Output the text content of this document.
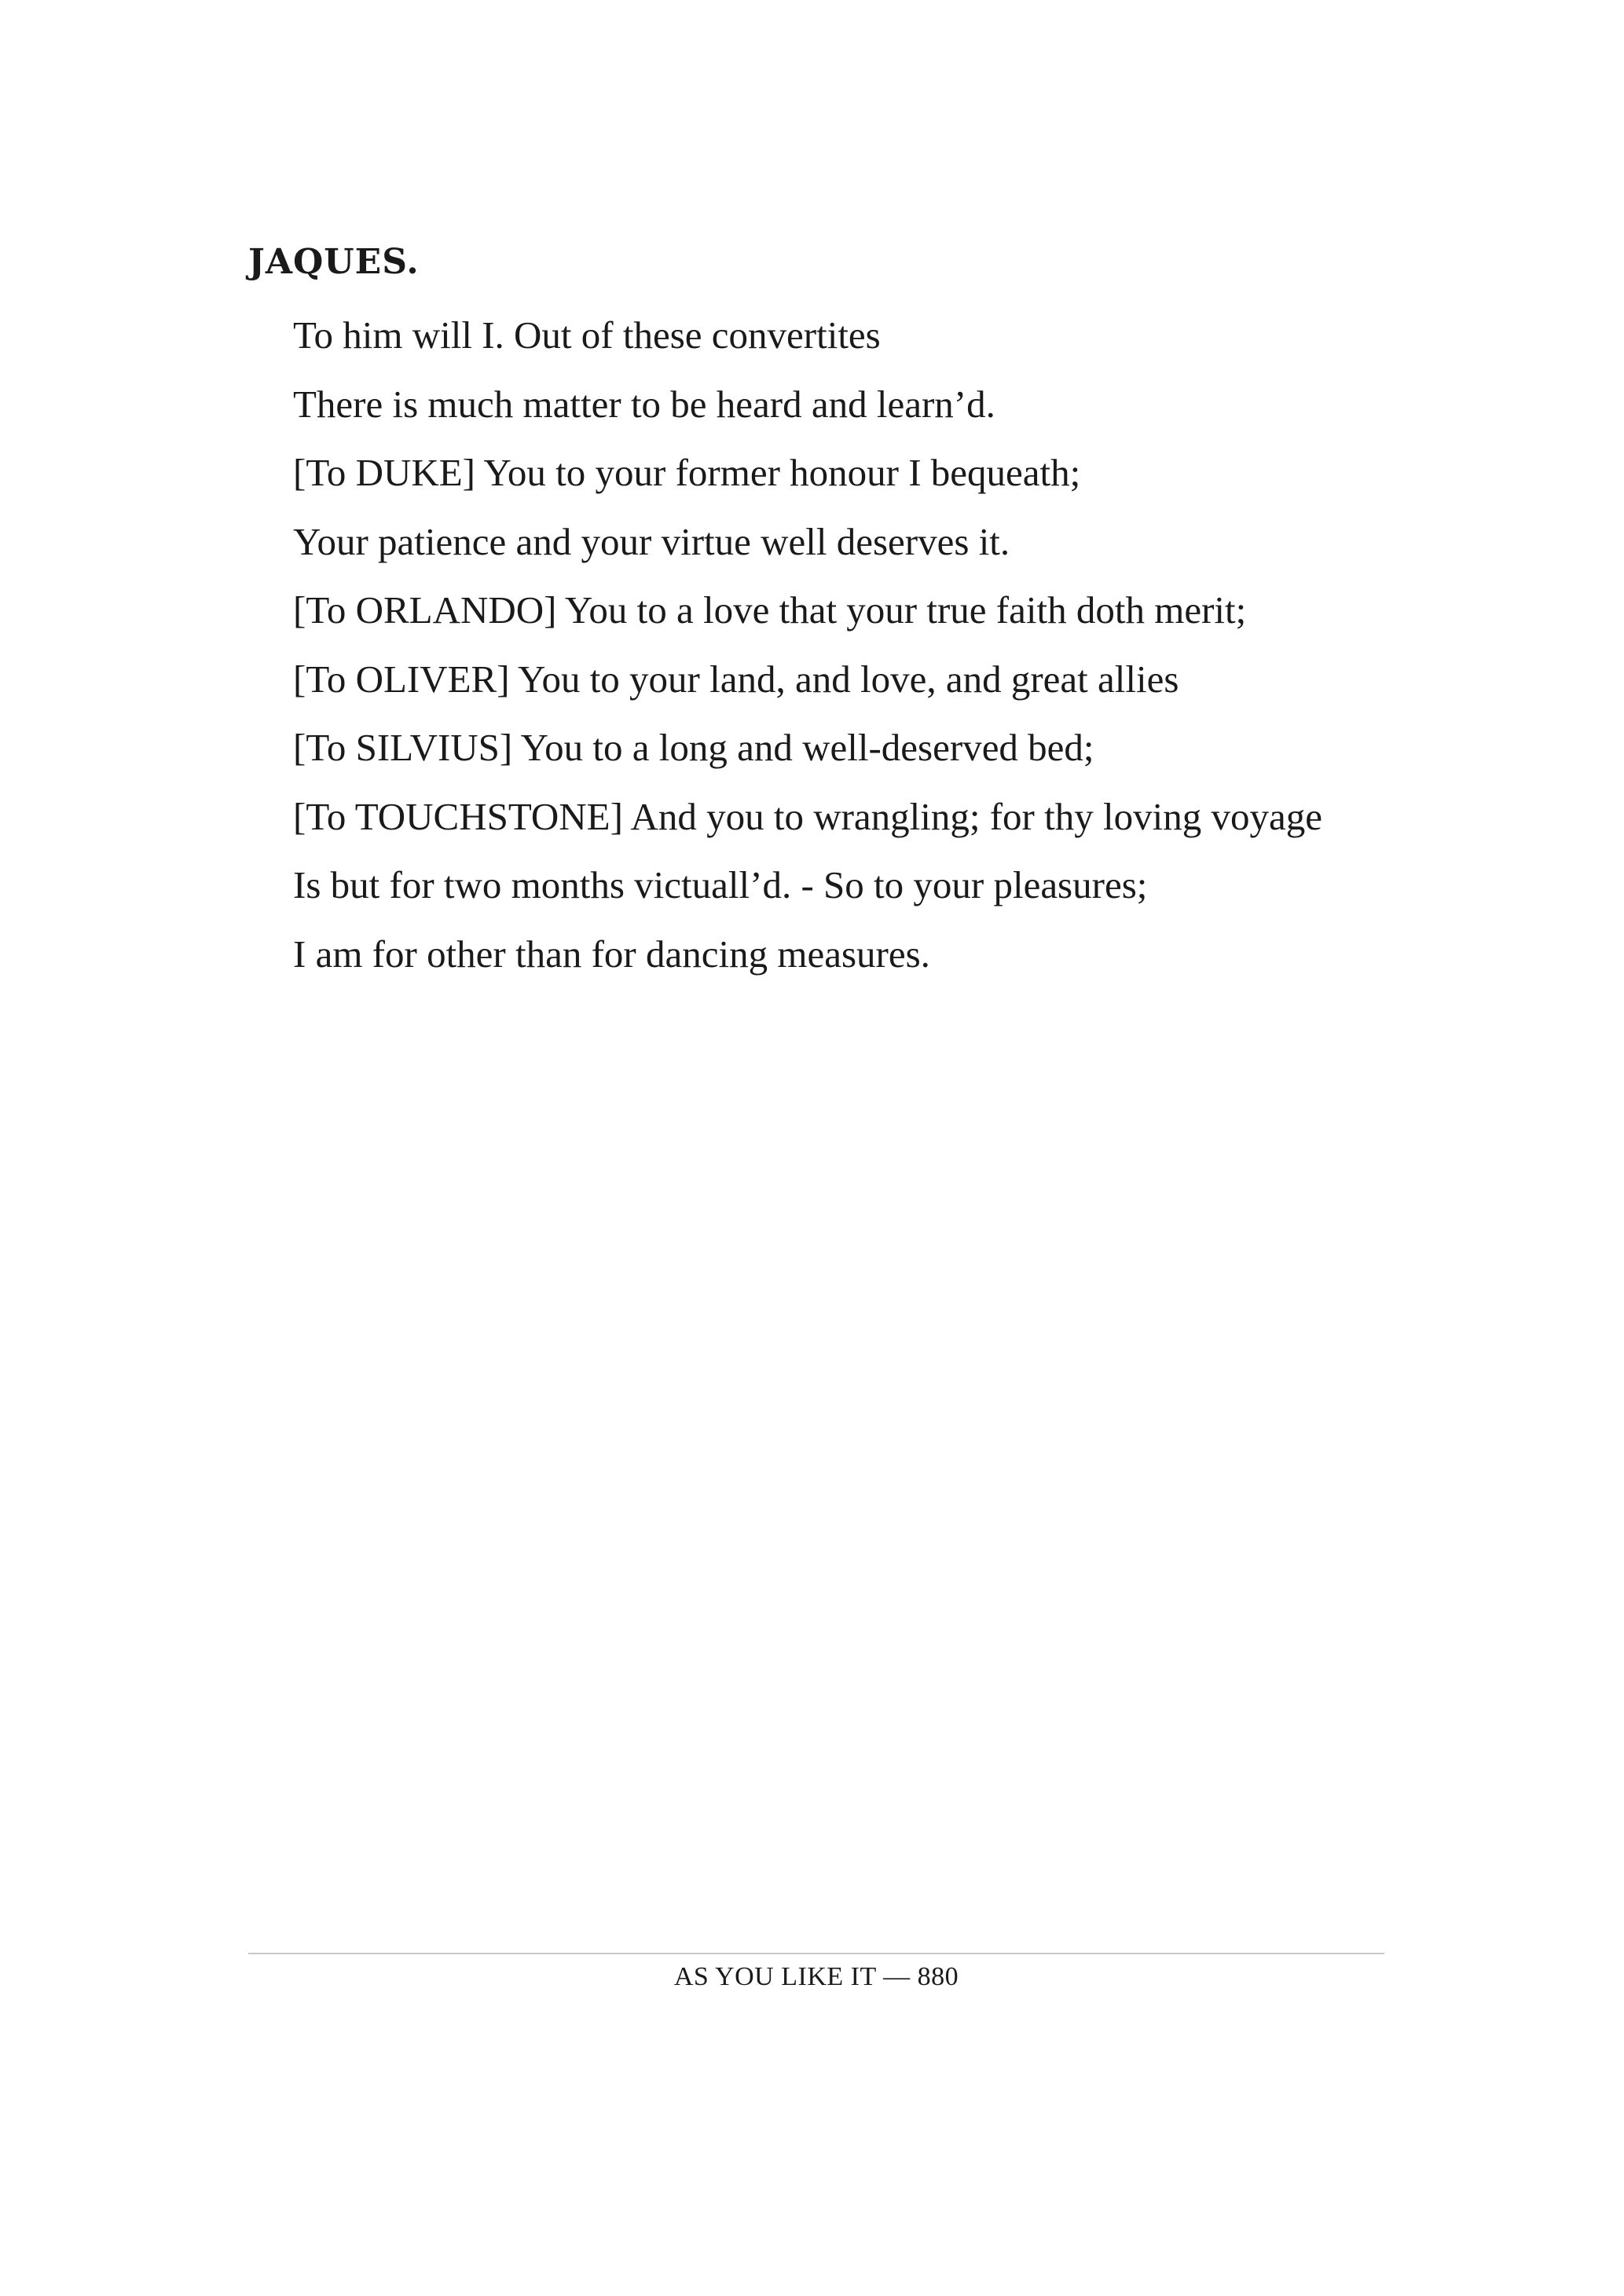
JAQUES.
To him will I. Out of these convertites
There is much matter to be heard and learn’d.
[To DUKE] You to your former honour I bequeath;
Your patience and your virtue well deserves it.
[To ORLANDO] You to a love that your true faith doth merit;
[To OLIVER] You to your land, and love, and great allies
[To SILVIUS] You to a long and well-deserved bed;
[To TOUCHSTONE] And you to wrangling; for thy loving voyage
Is but for two months victuall’d. - So to your pleasures;
I am for other than for dancing measures.
AS YOU LIKE IT — 880
